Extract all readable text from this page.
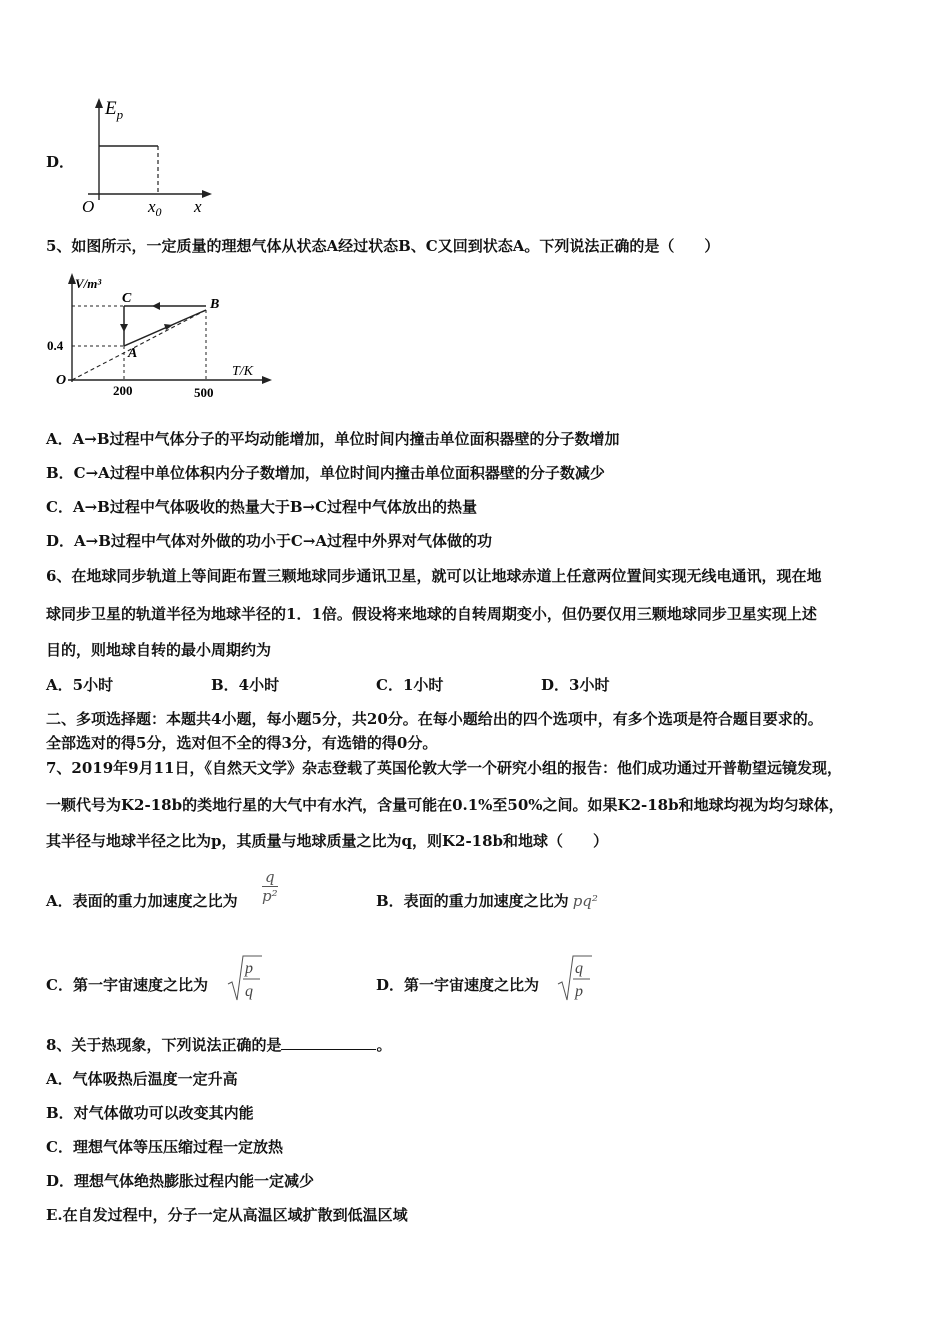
D．
$E_p$
O	$x_0$ x
5、如图所示，一定质量的理想气体从状态A经过状态B、C又回到状态A。下列说法正确的是（　　）
V/m³
T/K
O
0.4
200	500
A
B
C
A．A→B过程中气体分子的平均动能增加，单位时间内撞击单位面积器壁的分子数增加
B．C→A过程中单位体积内分子数增加，单位时间内撞击单位面积器壁的分子数减少
C．A→B过程中气体吸收的热量大于B→C过程中气体放出的热量
D．A→B过程中气体对外做的功小于C→A过程中外界对气体做的功
6、在地球同步轨道上等间距布置三颗地球同步通讯卫星，就可以让地球赤道上任意两位置间实现无线电通讯，现在地
球同步卫星的轨道半径为地球半径的1．1倍。假设将来地球的自转周期变小，但仍要仅用三颗地球同步卫星实现上述
目的，则地球自转的最小周期约为
A．5小时	B．4小时	C．1小时	D．3小时
二、多项选择题：本题共4小题，每小题5分，共20分。在每小题给出的四个选项中，有多个选项是符合题目要求的。
全部选对的得5分，选对但不全的得3分，有选错的得0分。
7、2019年9月11日，《自然天文学》杂志登载了英国伦敦大学一个研究小组的报告：他们成功通过开普勒望远镜发现，
一颗代号为K2-18b的类地行星的大气中有水汽，含量可能在0.1%至50%之间。如果K2-18b和地球均视为均匀球体，
其半径与地球半径之比为p，其质量与地球质量之比为q，则K2-18b和地球（　　）
A．表面的重力加速度之比为 $\frac{q}{\text{p²}}$	B．表面的重力加速度之比为 pq²
C．第一宇宙速度之比为
p
q	D．第一宇宙速度之比为
q
p
8、关于热现象，下列说法正确的是	。
A．气体吸热后温度一定升高
B．对气体做功可以改变其内能
C．理想气体等压压缩过程一定放热
D．理想气体绝热膨胀过程内能一定减少
E.在自发过程中，分子一定从高温区域扩散到低温区域
